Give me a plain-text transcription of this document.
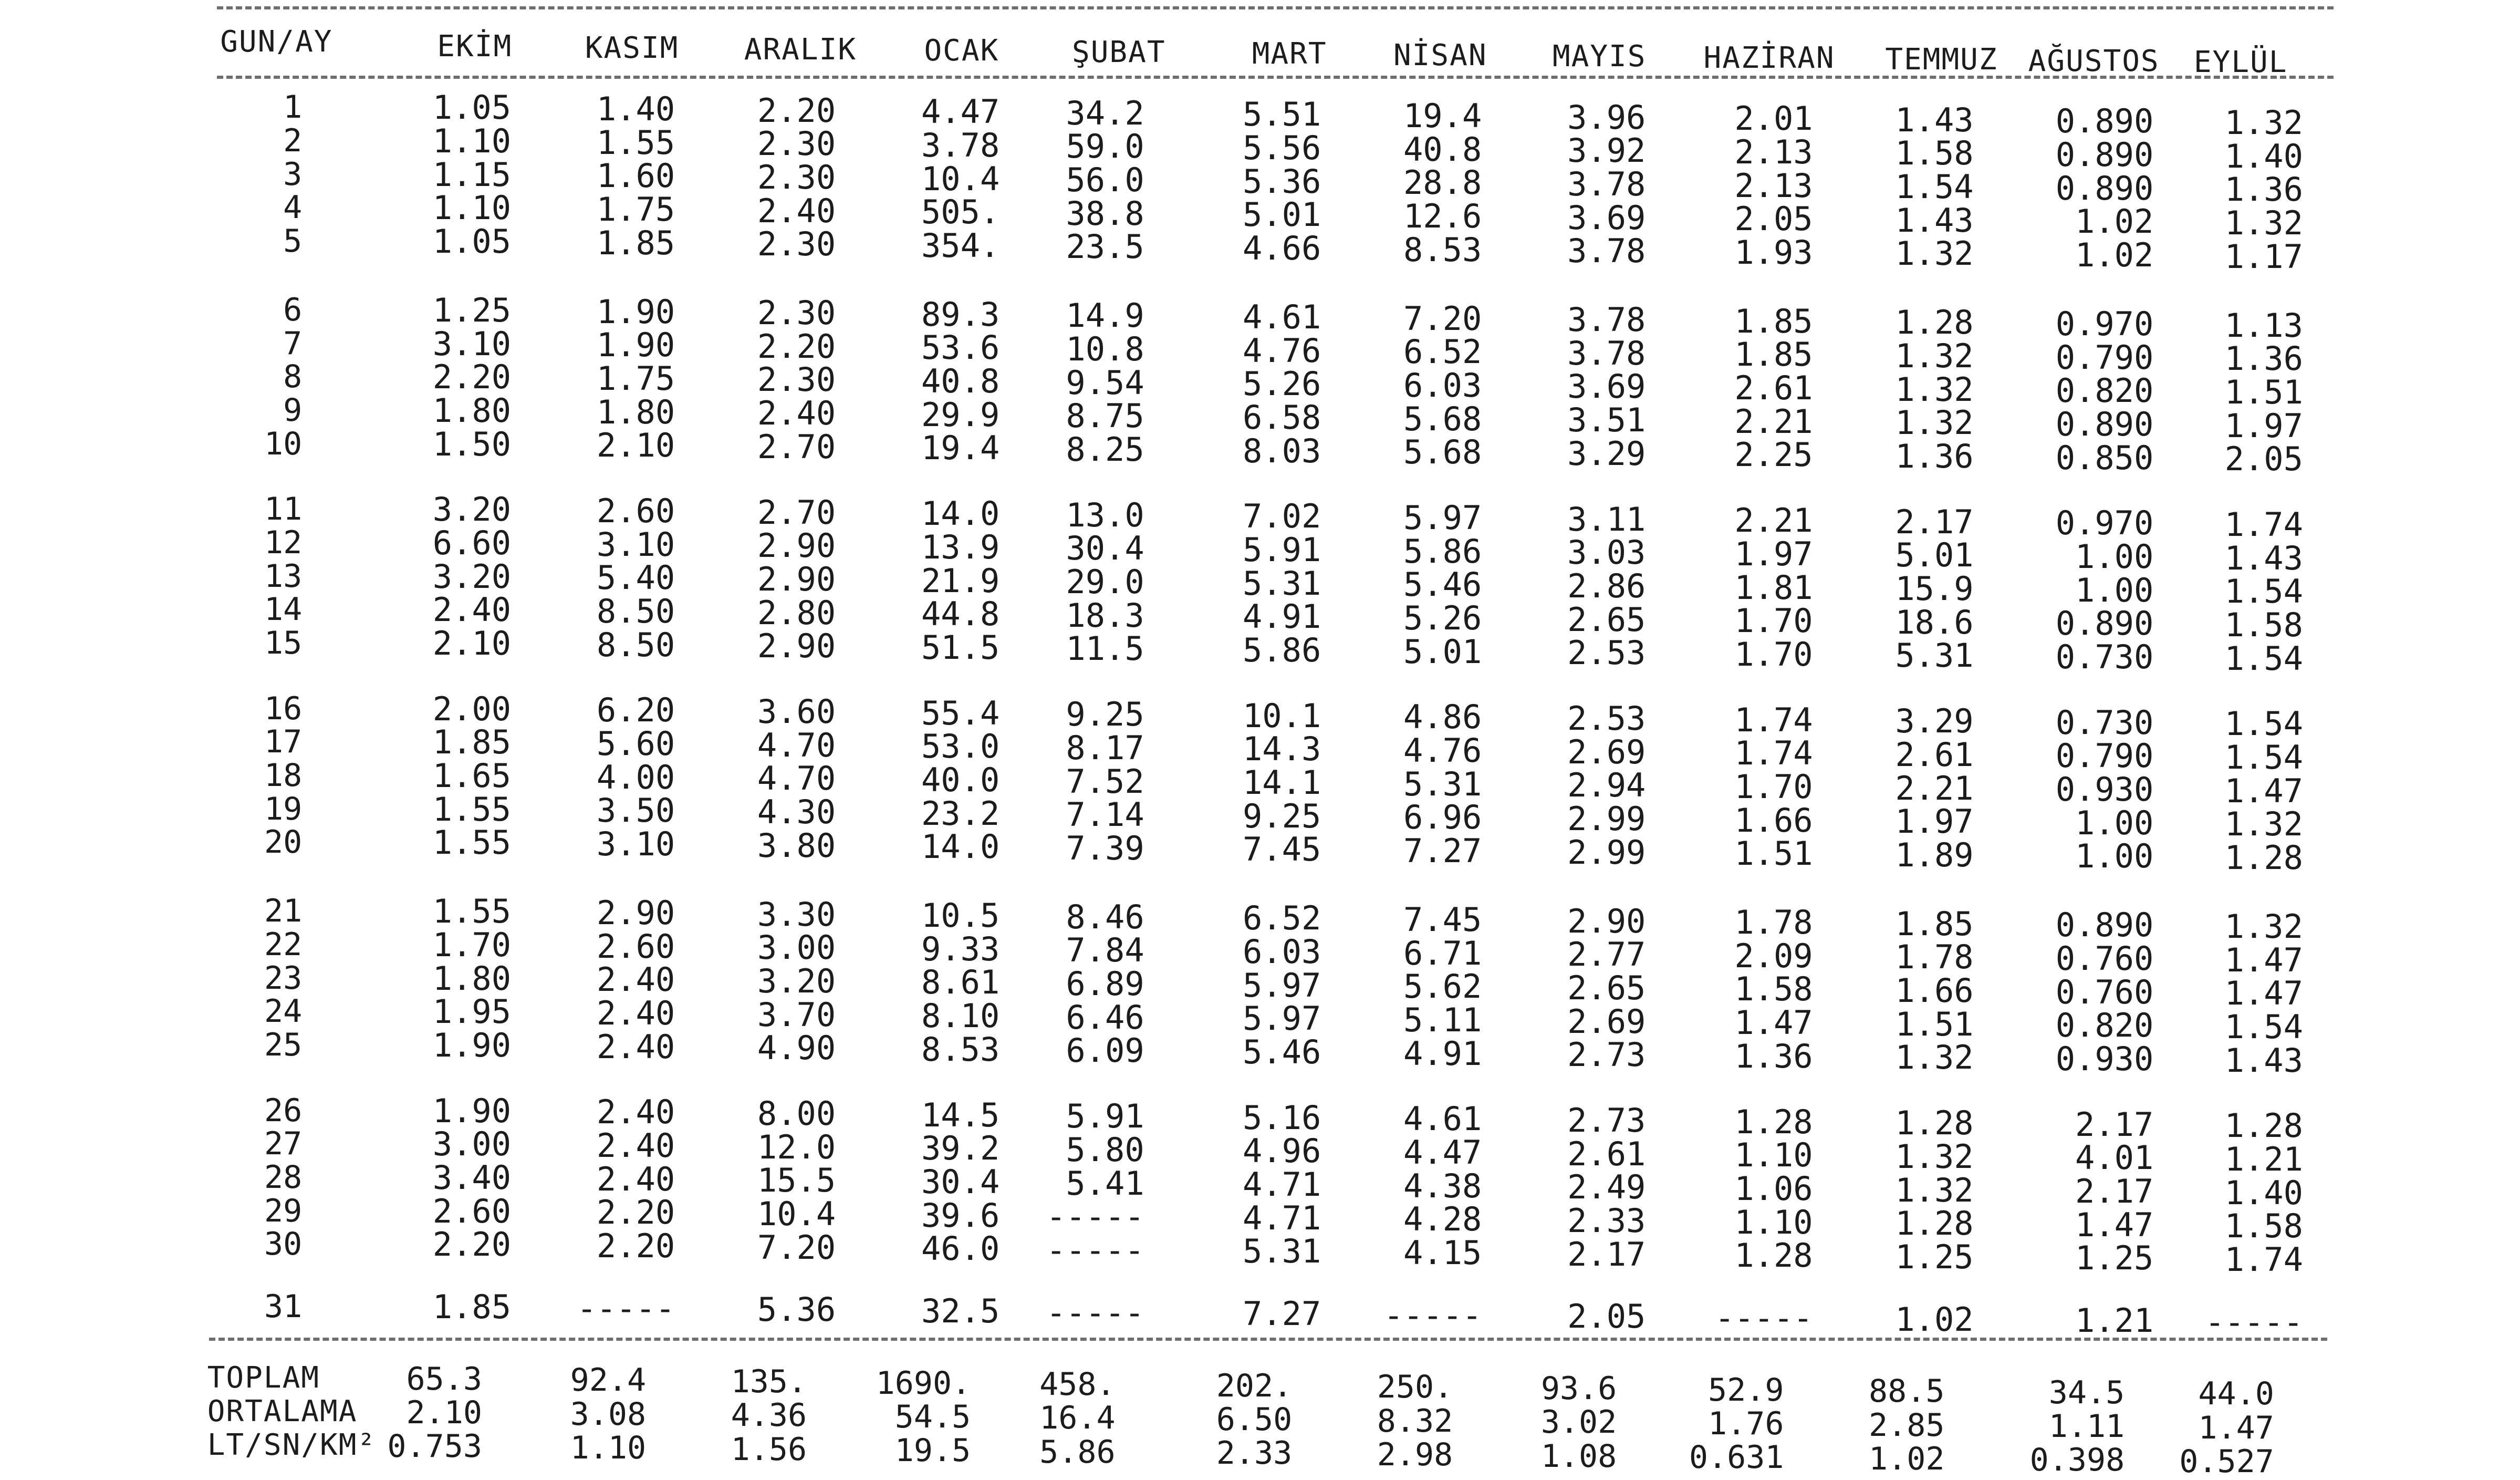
GUN/AY	EKİM KASIM ARALIK OCAK ŞUBAT	MART NİSAN MAYIS HAZİRAN TEMMUZ AĞUSTOS EYLÜL
1	1.05	1.40	2.20	4.47 34.2	5.51	19.4	3.96	2.01	1.43	0.890 1.32
2	1.10	1.55	2.30	3.78 59.0	5.56	40.8	3.92	2.13	1.58	0.890 1.40
3	1.15	1.60	2.30	10.4 56.0	5.36	28.8	3.78	2.13	1.54	0.890 1.36
4	1.10	1.75	2.40	505. 38.8	5.01	12.6	3.69	2.05	1.43	1.02 1.32
5	1.05	1.85	2.30	354. 23.5	4.66	8.53	3.78	1.93	1.32	1.02 1.17
6	1.25	1.90	2.30	89.3 14.9	4.61	7.20	3.78	1.85	1.28	0.970 1.13
7	3.10	1.90	2.20	53.6 10.8	4.76	6.52	3.78	1.85	1.32	0.790 1.36
8	2.20	1.75	2.30	40.8 9.54	5.26	6.03	3.69	2.61	1.32	0.820 1.51
9	1.80	1.80	2.40	29.9 8.75	6.58	5.68	3.51	2.21	1.32	0.890 1.97
10	1.50	2.10	2.70	19.4 8.25	8.03	5.68	3.29	2.25	1.36	0.850 2.05
11	3.20	2.60	2.70	14.0 13.0	7.02	5.97	3.11	2.21	2.17	0.970 1.74
12	6.60	3.10	2.90	13.9 30.4	5.91	5.86	3.03	1.97	5.01	1.00 1.43
13	3.20	5.40	2.90	21.9 29.0	5.31	5.46	2.86	1.81	15.9	1.00 1.54
14	2.40	8.50	2.80	44.8 18.3	4.91	5.26	2.65	1.70	18.6	0.890 1.58
15	2.10	8.50	2.90	51.5 11.5	5.86	5.01	2.53	1.70	5.31	0.730 1.54
16	2.00	6.20	3.60	55.4 9.25	10.1	4.86	2.53	1.74	3.29	0.730 1.54
17	1.85	5.60	4.70	53.0 8.17	14.3	4.76	2.69	1.74	2.61	0.790 1.54
18	1.65	4.00	4.70	40.0 7.52	14.1	5.31	2.94	1.70	2.21	0.930 1.47
19	1.55	3.50	4.30	23.2 7.14	9.25	6.96	2.99	1.66	1.97	1.00 1.32
20	1.55	3.10	3.80	14.0 7.39	7.45	7.27	2.99	1.51	1.89	1.00 1.28
21	1.55	2.90	3.30	10.5 8.46	6.52	7.45	2.90	1.78	1.85	0.890 1.32
22	1.70	2.60	3.00	9.33 7.84	6.03	6.71	2.77	2.09	1.78	0.760 1.47
23	1.80	2.40	3.20	8.61 6.89	5.97	5.62	2.65	1.58	1.66	0.760 1.47
24	1.95	2.40	3.70	8.10 6.46	5.97	5.11	2.69	1.47	1.51	0.820 1.54
25	1.90	2.40	4.90	8.53 6.09	5.46	4.91	2.73	1.36	1.32	0.930 1.43
26	1.90	2.40	8.00	14.5 5.91	5.16	4.61	2.73	1.28	1.28	2.17 1.28
27	3.00	2.40	12.0	39.2 5.80	4.96	4.47	2.61	1.10	1.32	4.01 1.21
28	3.40	2.40	15.5	30.4 5.41	4.71	4.38	2.49	1.06	1.32	2.17 1.40
29	2.60	2.20	10.4	39.6 -----	4.71	4.28	2.33	1.10	1.28	1.47 1.58
30	2.20	2.20	7.20	46.0 -----	5.31	4.15	2.17	1.28	1.25	1.25 1.74
31	1.85 -----	5.36	32.5 -----	7.27 -----	2.05 -----	1.02	1.21 -----
TOPLAM	65.3	92.4	135. 1690. 458.	202.	250.	93.6	52.9	88.5	34.5 44.0
ORTALAMA 2.10	3.08	4.36	54.5 16.4	6.50	8.32	3.02	1.76	2.85	1.11 1.47
LT/SN/KM² 0.753	1.10	1.56	19.5 5.86	2.33	2.98	1.08 0.631	1.02	0.398 0.527
